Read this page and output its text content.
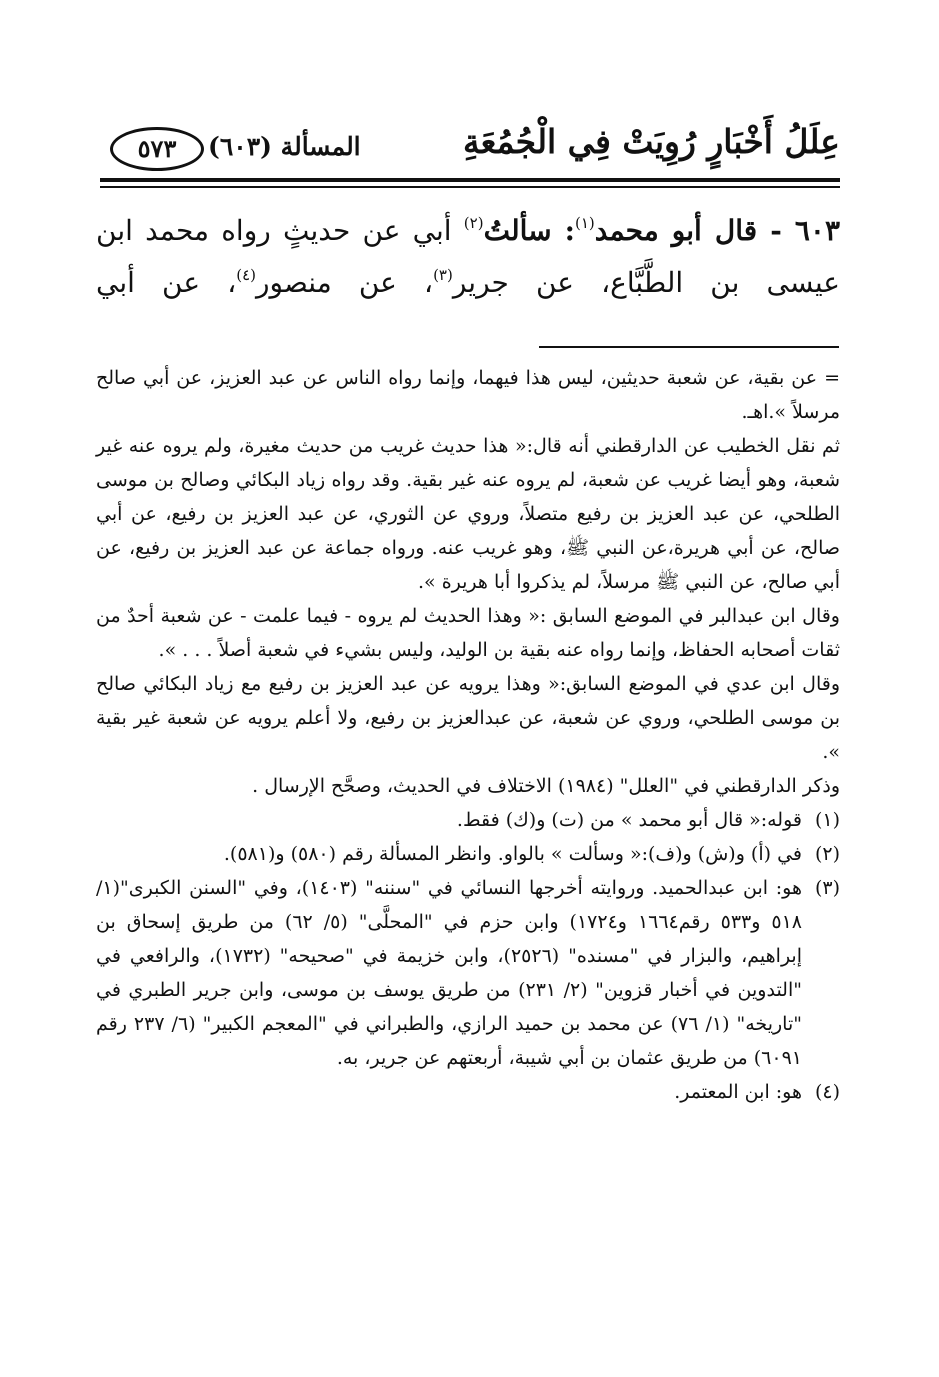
عِلَلُ أَخْبَارٍ رُوِيَتْ فِي الْجُمُعَةِ
المسألة (٦٠٣)
٥٧٣

٦٠٣ - قال أبو محمد$^{(١)}$: سألتُ$^{(٢)}$ أبي عن حديثٍ رواه محمد ابن عيسى بن الطَّبَّاع، عن جرير$^{(٣)}$، عن منصور$^{(٤)}$، عن أبي

= عن بقية، عن شعبة حديثين، ليس هذا فيهما، وإنما رواه الناس عن عبد العزيز، عن أبي صالح مرسلاً ».اهـ.

ثم نقل الخطيب عن الدارقطني أنه قال:« هذا حديث غريب من حديث مغيرة، ولم يروه عنه غير شعبة، وهو أيضا غريب عن شعبة، لم يروه عنه غير بقية. وقد رواه زياد البكائي وصالح بن موسى الطلحي، عن عبد العزيز بن رفيع متصلاً، وروي عن الثوري، عن عبد العزيز بن رفيع، عن أبي صالح، عن أبي هريرة،عن النبي ﷺ، وهو غريب عنه. ورواه جماعة عن عبد العزيز بن رفيع، عن أبي صالح، عن النبي ﷺ مرسلاً، لم يذكروا أبا هريرة ».

وقال ابن عبدالبر في الموضع السابق :« وهذا الحديث لم يروه - فيما علمت - عن شعبة أحدٌ من ثقات أصحابه الحفاظ، وإنما رواه عنه بقية بن الوليد، وليس بشيء في شعبة أصلاً . . . ».

وقال ابن عدي في الموضع السابق:« وهذا يرويه عن عبد العزيز بن رفيع مع زياد البكائي صالح بن موسى الطلحي، وروي عن شعبة، عن عبدالعزيز بن رفيع، ولا أعلم يرويه عن شعبة غير بقية ».

وذكر الدارقطني في "العلل" (١٩٨٤) الاختلاف في الحديث، وصحَّح الإرسال .

(١)
قوله:« قال أبو محمد » من (ت) و(ك) فقط.
(٢)
في (أ) و(ش) و(ف):« وسألت » بالواو. وانظر المسألة رقم (٥٨٠) و(٥٨١).
(٣)
هو: ابن عبدالحميد. وروايته أخرجها النسائي في "سننه" (١٤٠٣)، وفي "السنن الكبرى"(١/ ٥١٨ و٥٣٣ رقم١٦٦٤ و١٧٢٤) وابن حزم في "المحلَّى" (٥/ ٦٢) من طريق إسحاق بن إبراهيم، والبزار في "مسنده" (٢٥٢٦)، وابن خزيمة في "صحيحه" (١٧٣٢)، والرافعي في "التدوين في أخبار قزوين" (٢/ ٢٣١) من طريق يوسف بن موسى، وابن جرير الطبري في "تاريخه" (١/ ٧٦) عن محمد بن حميد الرازي، والطبراني في "المعجم الكبير" (٦/ ٢٣٧ رقم ٦٠٩١) من طريق عثمان بن أبي شيبة، أربعتهم عن جرير، به.
(٤)
هو: ابن المعتمر.
